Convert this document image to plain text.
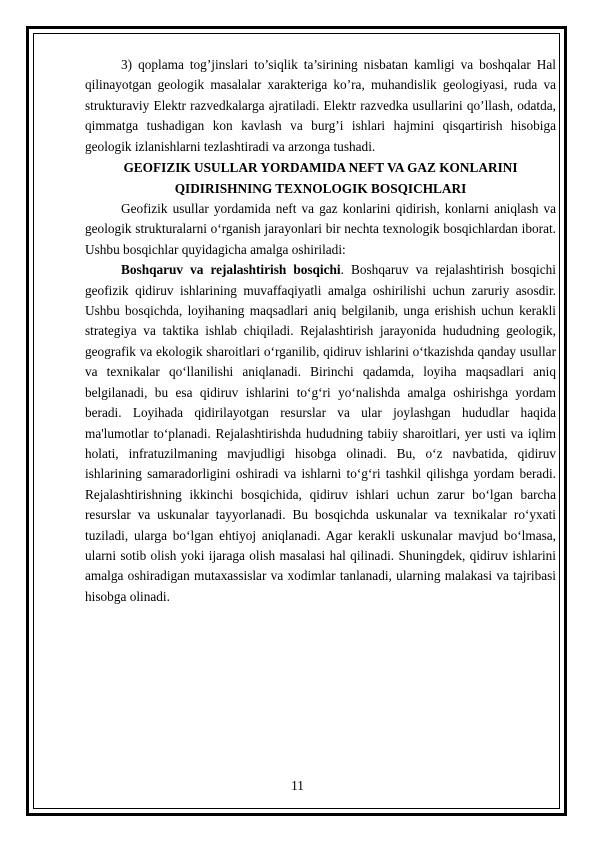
3) qoplama tog’jinslari to’siqlik ta’sirining nisbatan kamligi va boshqalar Hal qilinayotgan geologik masalalar xarakteriga ko’ra, muhandislik geologiyasi, ruda va strukturaviy Elektr razvedkalarga ajratiladi. Elektr razvedka usullarini qo’llash, odatda, qimmatga tushadigan kon kavlash va burg’i ishlari hajmini qisqartirish hisobiga geologik izlanishlarni tezlashtiradi va arzonga tushadi.

GEOFIZIK USULLAR YORDAMIDA NEFT VA GAZ KONLARINI QIDIRISHNING TEXNOLOGIK BOSQICHLARI

Geofizik usullar yordamida neft va gaz konlarini qidirish, konlarni aniqlash va geologik strukturalarni o‘rganish jarayonlari bir nechta texnologik bosqichlardan iborat. Ushbu bosqichlar quyidagicha amalga oshiriladi:

Boshqaruv va rejalashtirish bosqichi. Boshqaruv va rejalashtirish bosqichi geofizik qidiruv ishlarining muvaffaqiyatli amalga oshirilishi uchun zaruriy asosdir. Ushbu bosqichda, loyihaning maqsadlari aniq belgilanib, unga erishish uchun kerakli strategiya va taktika ishlab chiqiladi. Rejalashtirish jarayonida hududning geologik, geografik va ekologik sharoitlari o‘rganilib, qidiruv ishlarini o‘tkazishda qanday usullar va texnikalar qo‘llanilishi aniqlanadi. Birinchi qadamda, loyiha maqsadlari aniq belgilanadi, bu esa qidiruv ishlarini to‘g‘ri yo‘nalishda amalga oshirishga yordam beradi. Loyihada qidirilayotgan resurslar va ular joylashgan hududlar haqida ma'lumotlar to‘planadi. Rejalashtirishda hududning tabiiy sharoitlari, yer usti va iqlim holati, infratuzilmaning mavjudligi hisobga olinadi. Bu, o‘z navbatida, qidiruv ishlarining samaradorligini oshiradi va ishlarni to‘g‘ri tashkil qilishga yordam beradi. Rejalashtirishning ikkinchi bosqichida, qidiruv ishlari uchun zarur bo‘lgan barcha resurslar va uskunalar tayyorlanadi. Bu bosqichda uskunalar va texnikalar ro‘yxati tuziladi, ularga bo‘lgan ehtiyoj aniqlanadi. Agar kerakli uskunalar mavjud bo‘lmasa, ularni sotib olish yoki ijaraga olish masalasi hal qilinadi. Shuningdek, qidiruv ishlarini amalga oshiradigan mutaxassislar va xodimlar tanlanadi, ularning malakasi va tajribasi hisobga olinadi.

11
